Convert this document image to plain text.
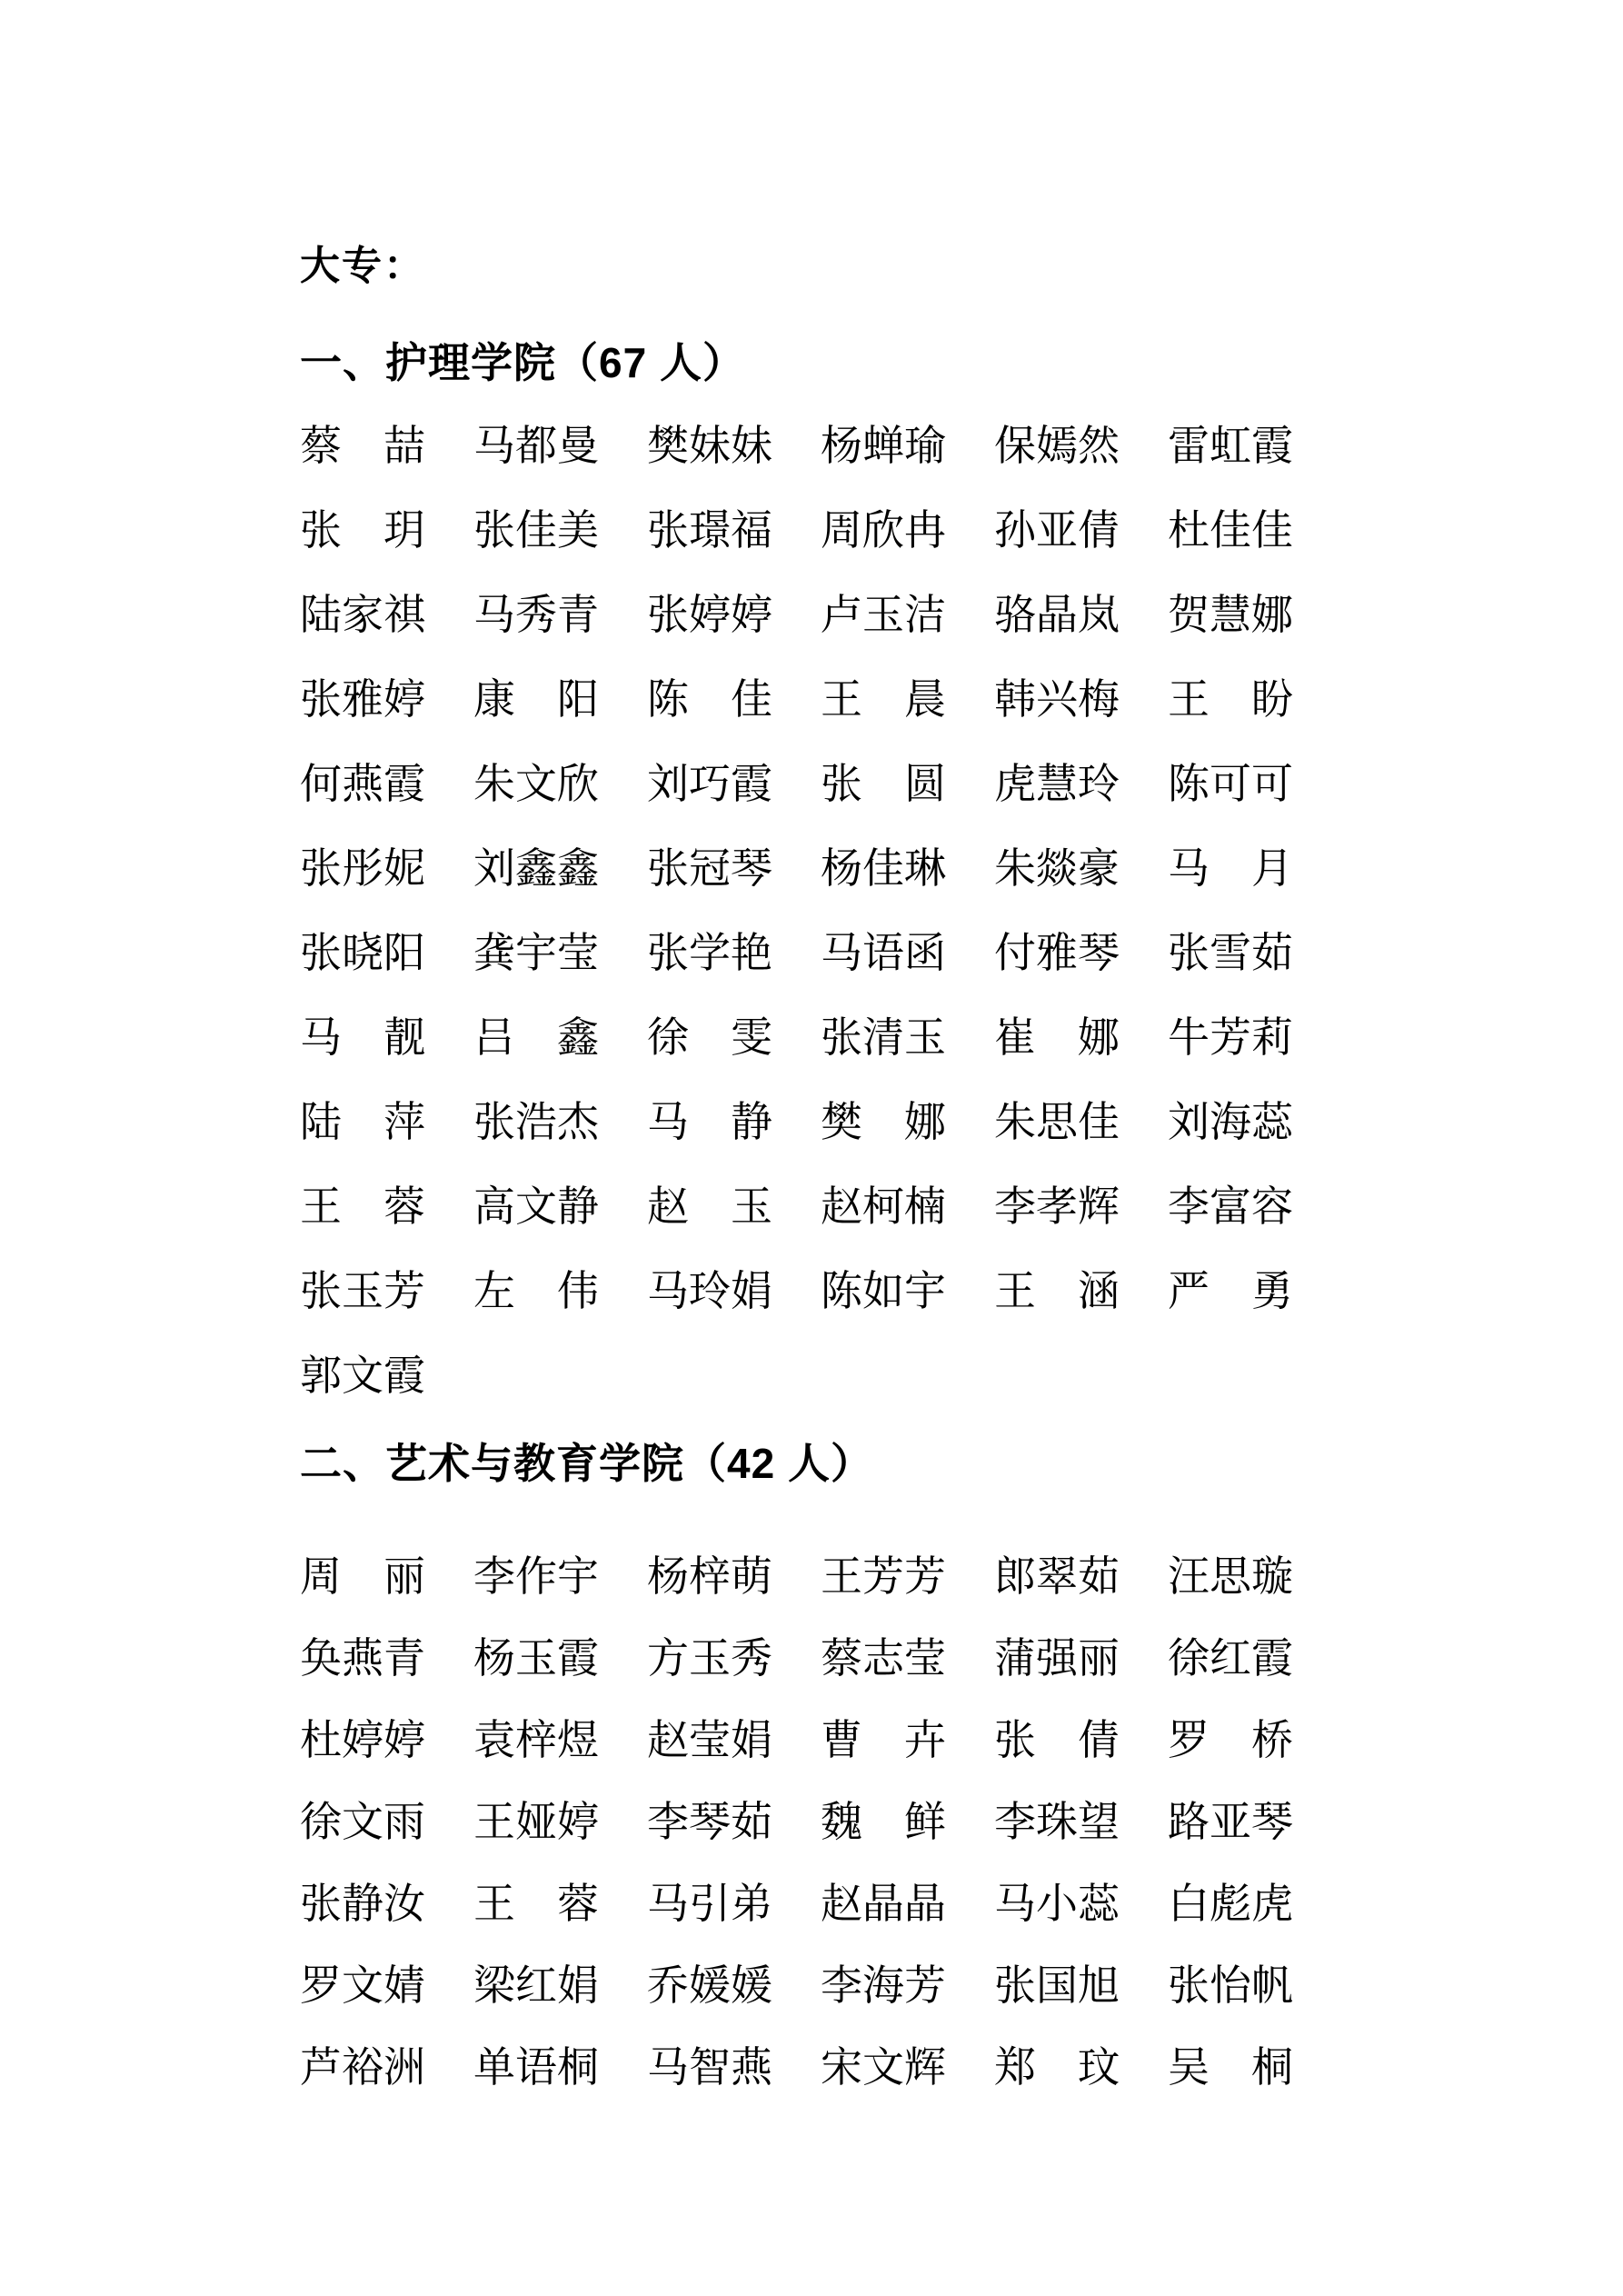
大专：
一、护理学院（67 人）
蔡　喆 马都曼 樊妹妹 杨蝉瑜 保嫣然 雷虹霞
张　玥 张佳美 张璟福 周欣冉 孙亚倩 杜佳佳
陆家祺 马秀青 张婷婷 卢玉洁 骆晶岚 贺慧娜
张雅婷 康　阳 陈　佳 王　晨 韩兴梅 王　盼
何燕霞 朱文欣 刘巧霞 张　圆 虎慧玲 陈可可
张彤妮 刘鑫鑫 张冠琴 杨佳琳 朱燚豪 马　月
张晓阳 龚宇莹 张学艳 马语函 付雅琴 张雪茹
马　靓 吕　鑫 徐　雯 张清玉 崔　娜 牛芳莉
陆　萍 张浩杰 马　静 樊　娜 朱思佳 刘海蕊
王　蓉 高文静 赵　玉 赵柯楠 李孝辉 李富容
张玉芳 左　伟 马玲娟 陈如宇 王　涵 严　勇
郭文霞
二、艺术与教育学院（42 人）
周　丽 李作宇 杨梓萌 王芳芳 郎翠茹 汪思璇
奂燕青 杨玉霞 方玉秀 蔡志莹 蒲强丽 徐红霞
杜婷婷 袁梓煜 赵莹娟 曹　卉 张　倩 罗　桥
徐文雨 王娅婷 李琴茹 魏　鲜 李珠望 路亚琴
张静汝 王　蓉 马引弟 赵晶晶 马小蕊 白彪虎
罗文婧 梁红娟 乔媛媛 李海芳 张国旭 张怡帆
芦裕洲 单语桐 马智燕 宋文辉 郑　玟 吴　桐
